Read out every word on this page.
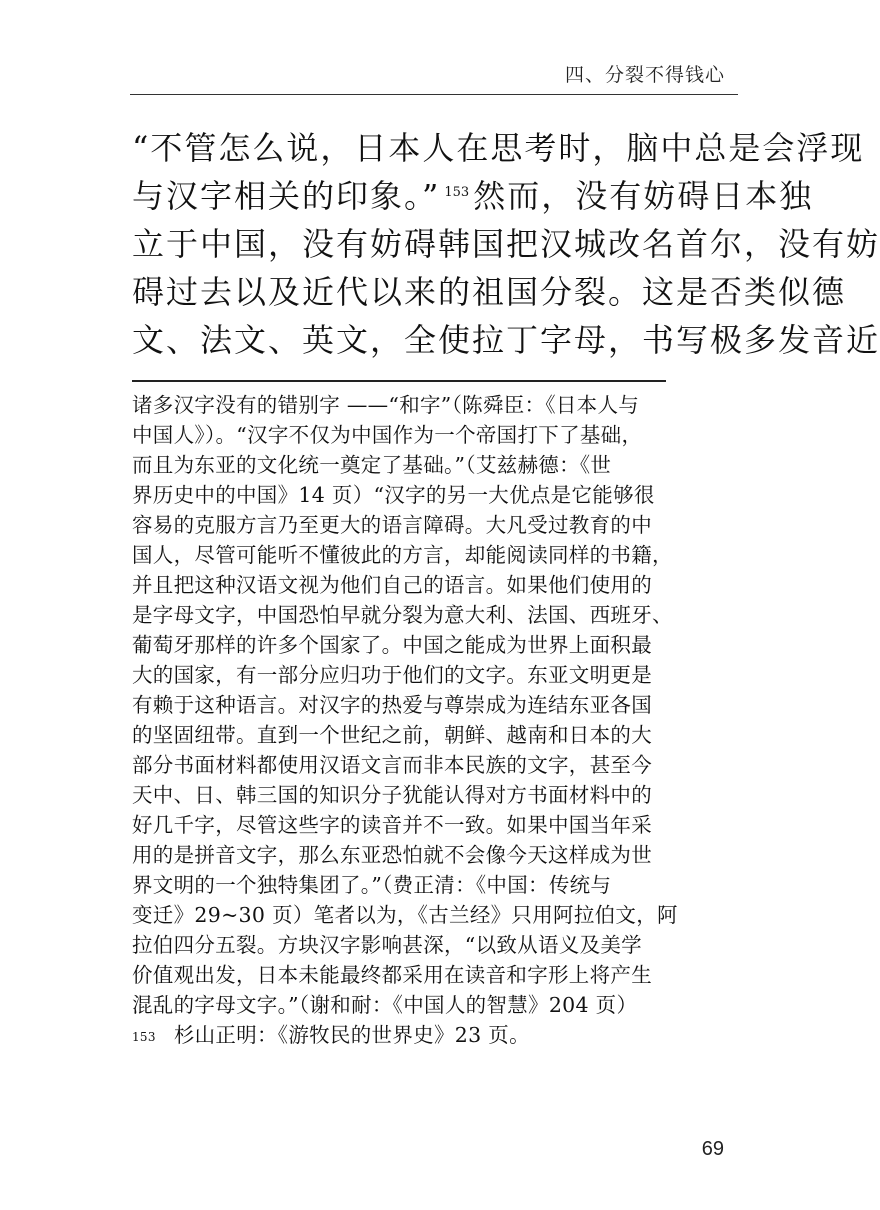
四、分裂不得钱心
“不管怎么说，日本人在思考时，脑中总是会浮现
与汉字相关的印象。” $^{153}$ 然而，没有妨碍日本独
立于中国，没有妨碍韩国把汉城改名首尔，没有妨
碍过去以及近代以来的祖国分裂。这是否类似德
文、法文、英文，全使拉丁字母，书写极多发音近
诸多汉字没有的错别字 ——“和字”（陈舜臣：《日本人与
中国人》）。“汉字不仅为中国作为一个帝国打下了基础，
而且为东亚的文化统一奠定了基础。”（艾兹赫德：《世
界历史中的中国》14 页）“汉字的另一大优点是它能够很
容易的克服方言乃至更大的语言障碍。大凡受过教育的中
国人，尽管可能听不懂彼此的方言，却能阅读同样的书籍，
并且把这种汉语文视为他们自己的语言。如果他们使用的
是字母文字，中国恐怕早就分裂为意大利、法国、西班牙、
葡萄牙那样的许多个国家了。中国之能成为世界上面积最
大的国家，有一部分应归功于他们的文字。东亚文明更是
有赖于这种语言。对汉字的热爱与尊崇成为连结东亚各国
的坚固纽带。直到一个世纪之前，朝鲜、越南和日本的大
部分书面材料都使用汉语文言而非本民族的文字，甚至今
天中、日、韩三国的知识分子犹能认得对方书面材料中的
好几千字，尽管这些字的读音并不一致。如果中国当年采
用的是拼音文字，那么东亚恐怕就不会像今天这样成为世
界文明的一个独特集团了。”（费正清：《中国：传统与
变迁》29~30 页）笔者以为，《古兰经》只用阿拉伯文，阿
拉伯四分五裂。方块汉字影响甚深，“以致从语义及美学
价值观出发，日本未能最终都采用在读音和字形上将产生
混乱的字母文字。”（谢和耐：《中国人的智慧》204 页）
$^{153}$ 杉山正明：《游牧民的世界史》23 页。
69
